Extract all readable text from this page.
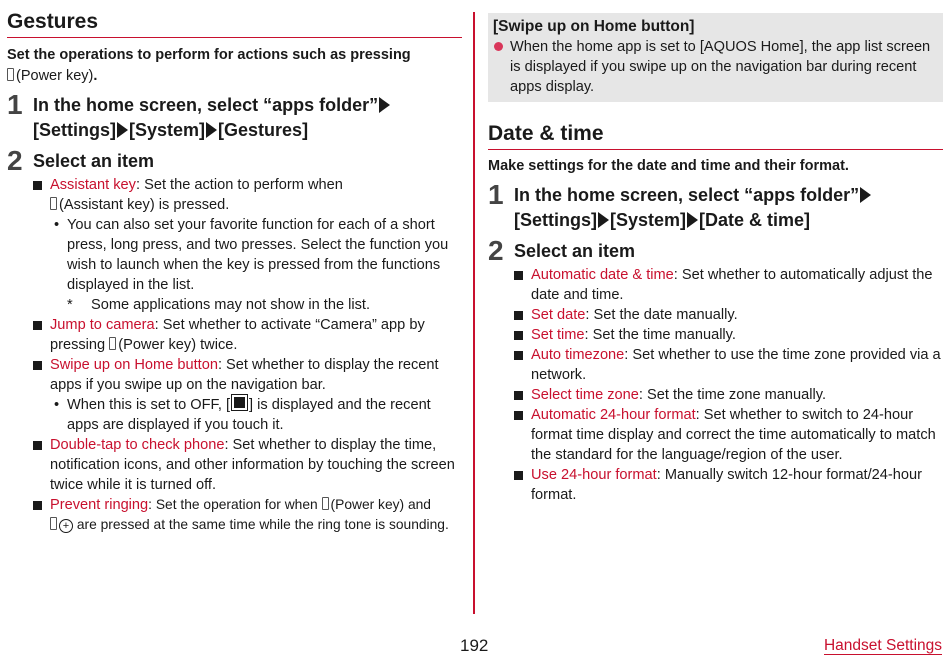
Gestures

Set the operations to perform for actions such as pressing
(Power key).

1 In the home screen, select “apps folder”
[Settings] [System] [Gestures]
2 Select an item
Assistant key: Set the action to perform when
(Assistant key) is pressed.
• You can also set your favorite function for each of a short press, long press, and two presses. Select the function you wish to launch when the key is pressed from the functions displayed in the list.
* Some applications may not show in the list.
Jump to camera: Set whether to activate “Camera” app by pressing (Power key) twice.
Swipe up on Home button: Set whether to display the recent apps if you swipe up on the navigation bar.
• When this is set to OFF, [ ] is displayed and the recent apps are displayed if you touch it.
Double-tap to check phone: Set whether to display the time, notification icons, and other information by touching the screen twice while it is turned off.
Prevent ringing: Set the operation for when (Power key) and
+ are pressed at the same time while the ring tone is sounding.
[Swipe up on Home button]
When the home app is set to [AQUOS Home], the app list screen is displayed if you swipe up on the navigation bar during recent apps display.
Date & time

Make settings for the date and time and their format.

1 In the home screen, select “apps folder”
[Settings] [System] [Date & time]
2 Select an item
Automatic date & time: Set whether to automatically adjust the date and time.
Set date: Set the date manually.
Set time: Set the time manually.
Auto timezone: Set whether to use the time zone provided via a network.
Select time zone: Set the time zone manually.
Automatic 24-hour format: Set whether to switch to 24-hour format time display and correct the time automatically to match the standard for the language/region of the user.
Use 24-hour format: Manually switch 12-hour format/24-hour format.
192	Handset Settings
